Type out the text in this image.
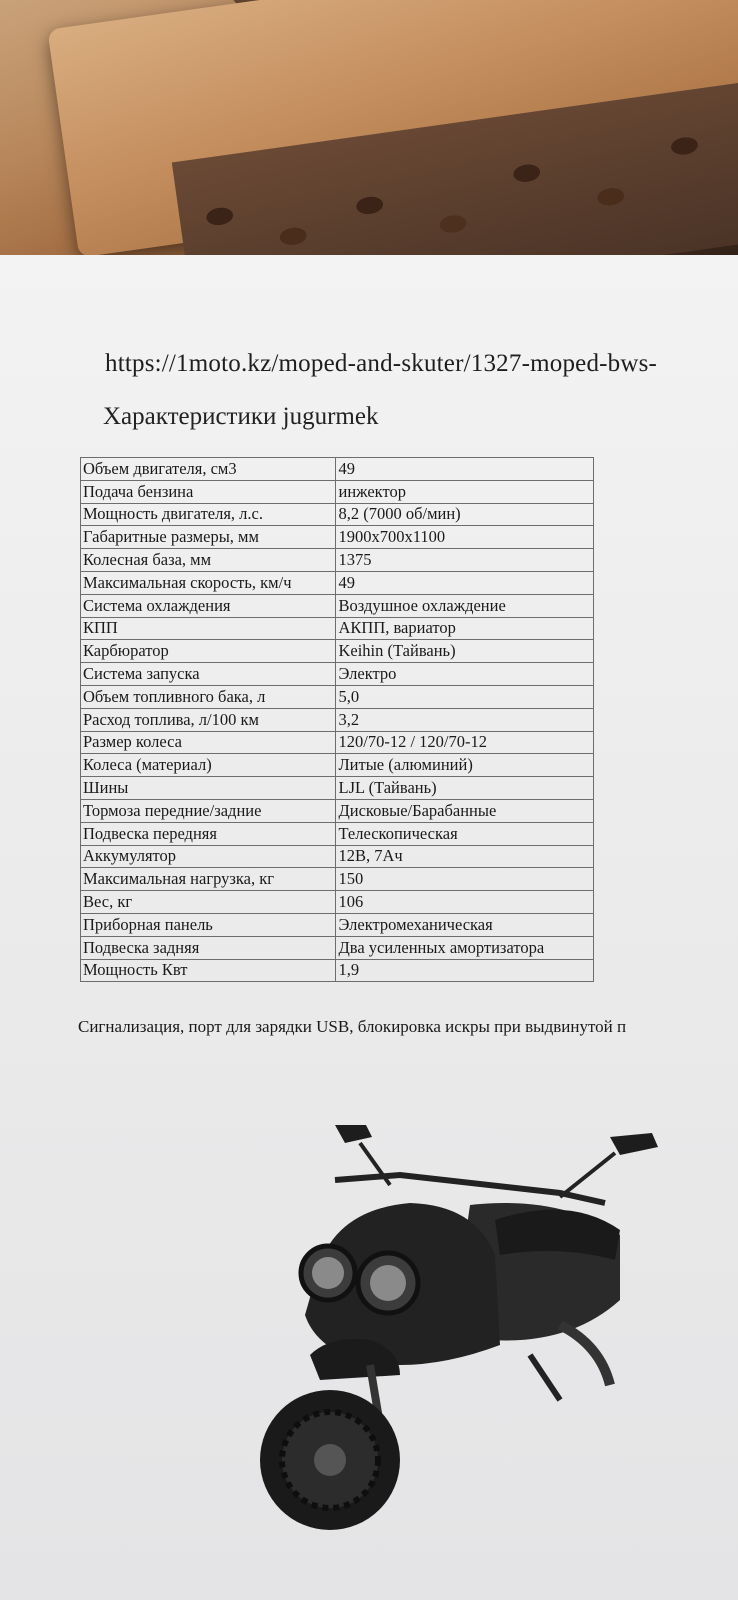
https://1moto.kz/moped-and-skuter/1327-moped-bws-
Характеристики jugurmek
Объем двигателя, см3	49
Подача бензина	инжектор
Мощность двигателя, л.с.	8,2 (7000 об/мин)
Габаритные размеры, мм	1900х700х1100
Колесная база, мм	1375
Максимальная скорость, км/ч	49
Система охлаждения	Воздушное охлаждение
КПП	АКПП, вариатор
Карбюратор	Keihin (Тайвань)
Система запуска	Электро
Объем топливного бака, л	5,0
Расход топлива, л/100 км	3,2
Размер колеса	120/70-12 / 120/70-12
Колеса (материал)	Литые (алюминий)
Шины	LJL (Тайвань)
Тормоза передние/задние	Дисковые/Барабанные
Подвеска передняя	Телескопическая
Аккумулятор	12В, 7Ач
Максимальная нагрузка, кг	150
Вес, кг	106
Приборная панель	Электромеханическая
Подвеска задняя	Два усиленных амортизатора
Мощность Квт	1,9
Сигнализация, порт для зарядки USB, блокировка искры при выдвинутой п
